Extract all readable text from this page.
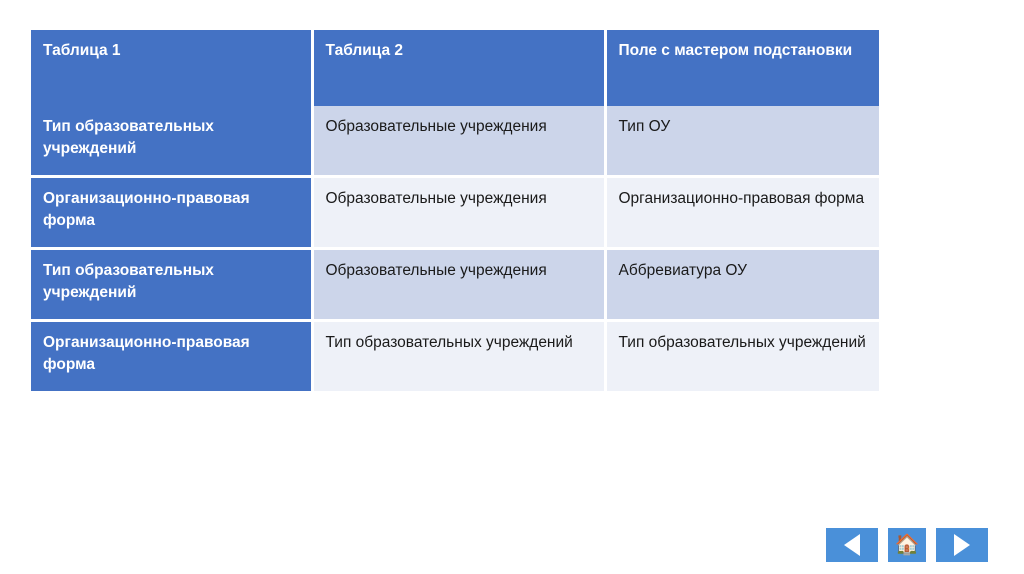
Таблица 1	Таблица 2	Поле с мастером подстановки
Тип образовательных учреждений	Образовательные учреждения	Тип ОУ
Организационно-правовая форма	Образовательные учреждения	Организационно-правовая форма
Тип образовательных учреждений	Образовательные учреждения	Аббревиатура ОУ
Организационно-правовая форма	Тип образовательных учреждений	Тип образовательных учреждений
🏠
